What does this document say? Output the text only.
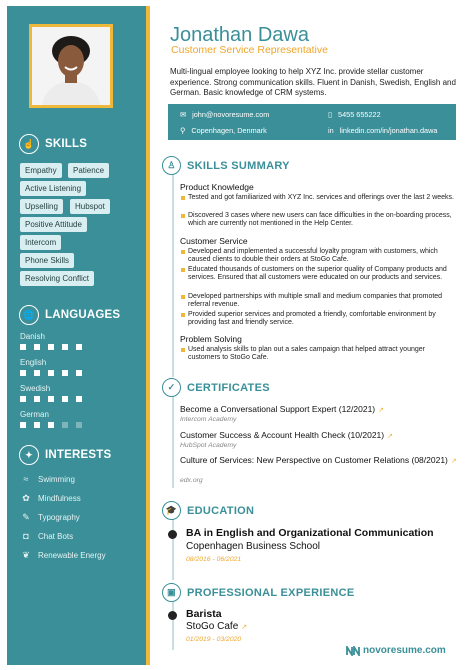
☝ SKILLS
Empathy	Patience
Active Listening
Upselling	Hubspot
Positive Attitude
Intercom
Phone Skills
Resolving Conflict
🌐 LANGUAGES
Danish
English
Swedish
German
✦	INTERESTS
≈	Swimming
✿ Mindfulness
✎ Typography
◘	Chat Bots
❦ Renewable Energy
Jonathan Dawa
Customer Service Representative
Multi-lingual employee looking to help XYZ Inc. provide stellar customer experience. Strong communication skills. Fluent in Danish, Swedish, English and German. Basic knowledge of CRM systems.
✉ john@novoresume.com	▯ 5455 655222
⚲ Copenhagen, Denmark	in linkedin.com/in/jonathan.dawa
♙	SKILLS SUMMARY
Product Knowledge
Tested and got familiarized with XYZ Inc. services and offerings over the last 2 weeks.
Discovered 3 cases where new users can face difficulties in the on-boarding process, which are currently not mentioned in the Help Center.
Customer Service
Developed and implemented a successful loyalty program with customers, which caused clients to double their orders at StoGo Cafe.
Educated thousands of customers on the superior quality of Company products and services. Ensured that all customers were educated on our products and services.
Developed partnerships with multiple small and medium companies that promoted referral revenue.
Provided superior services and promoted a friendly, comfortable environment by providing fast and friendly service.
Problem Solving
Used analysis skills to plan out a sales campaign that helped attract younger customers to StoGo Cafe.
✓	CERTIFICATES
Become a Conversational Support Expert (12/2021) ↗
Intercom Academy
Customer Success & Account Health Check (10/2021) ↗
HubSpot Academy
Culture of Services: New Perspective on Customer Relations (08/2021) ↗
edx.org
🎓 EDUCATION
BA in English and Organizational Communication
Copenhagen Business School
08/2016 - 06/2021
▣	PROFESSIONAL EXPERIENCE
Barista
StoGo Cafe ↗
01/2019 - 03/2020
novoresume.com
